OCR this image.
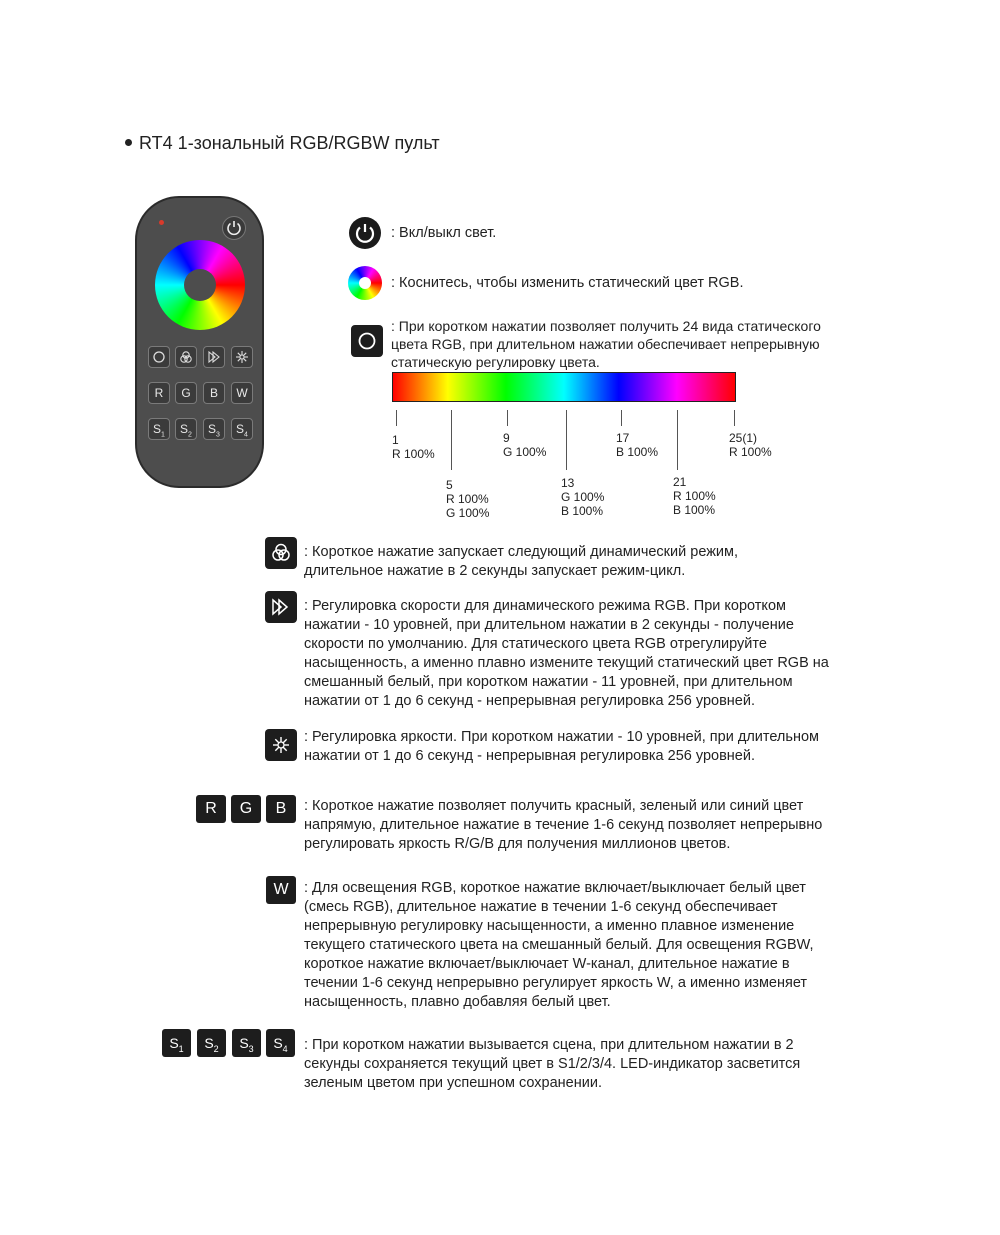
RT4 1-зональный RGB/RGBW пульт
R	G	B	W
$S_1$	$S_2$	$S_3$	$S_4$
: Вкл/выкл свет.
: Коснитесь, чтобы изменить статический цвет RGB.
: При коротком нажатии позволяет получить 24 вида статического
цвета RGB, при длительном нажатии обеспечивает непрерывную
статическую регулировку цвета.
1
R 100%
9
G 100%
17
B 100%
25(1)
R 100%
5
R 100%
G 100%
13
G 100%
B 100%
21
R 100%
B 100%
: Короткое нажатие запускает следующий динамический режим,
длительное нажатие в 2 секунды запускает режим-цикл.
: Регулировка скорости для динамического режима RGB. При коротком
нажатии - 10 уровней, при длительном нажатии в 2 секунды - получение
скорости по умолчанию. Для статического цвета RGB отрегулируйте
насыщенность, а именно плавно измените текущий статический цвет RGB на
смешанный белый, при коротком нажатии - 11 уровней, при длительном
нажатии от 1 до 6 секунд - непрерывная регулировка 256 уровней.
: Регулировка яркости. При коротком нажатии - 10 уровней, при длительном
нажатии от 1 до 6 секунд - непрерывная регулировка 256 уровней.
R	G	B	: Короткое нажатие позволяет получить красный, зеленый или синий цвет
напрямую, длительное нажатие в течение 1-6 секунд позволяет непрерывно
регулировать яркость R/G/B для получения миллионов цветов.
W	: Для освещения RGB, короткое нажатие включает/выключает белый цвет
(смесь RGB), длительное нажатие в течении 1-6 секунд обеспечивает
непрерывную регулировку насыщенности, а именно плавное изменение
текущего статического цвета на смешанный белый. Для освещения RGBW,
короткое нажатие включает/выключает W-канал, длительное нажатие в
течении 1-6 секунд непрерывно регулирует яркость W, а именно изменяет
насыщенность, плавно добавляя белый цвет.
$S_1$	$S_2$	$S_3$	$S_4$	: При коротком нажатии вызывается сцена, при длительном нажатии в 2
секунды сохраняется текущий цвет в S1/2/3/4. LED-индикатор засветится
зеленым цветом при успешном сохранении.
